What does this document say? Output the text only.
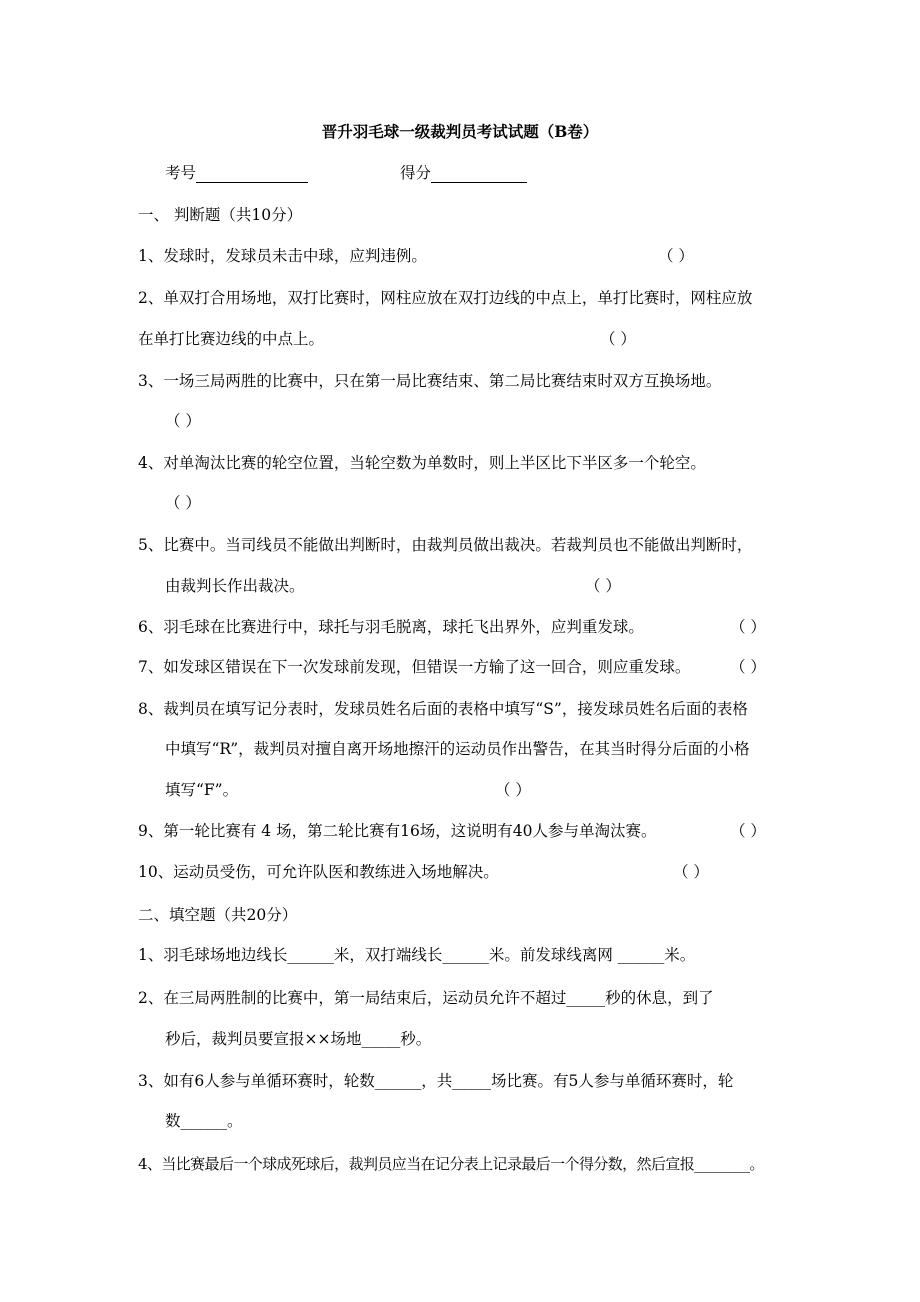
晋升羽毛球一级裁判员考试试题（B卷）
考号	得分
一、 判断题（共10分）
1、发球时，发球员未击中球，应判违例。	（ ）
2、单双打合用场地，双打比赛时，网柱应放在双打边线的中点上，单打比赛时，网柱应放
在单打比赛边线的中点上。	（ ）
3、一场三局两胜的比赛中，只在第一局比赛结束、第二局比赛结束时双方互换场地。
（ ）
4、对单淘汰比赛的轮空位置，当轮空数为单数时，则上半区比下半区多一个轮空。
（ ）
5、比赛中。当司线员不能做出判断时，由裁判员做出裁决。若裁判员也不能做出判断时，
由裁判长作出裁决。	（ ）
6、羽毛球在比赛进行中，球托与羽毛脱离，球托飞出界外，应判重发球。	（ ）
7、如发球区错误在下一次发球前发现，但错误一方输了这一回合，则应重发球。	（ ）
8、裁判员在填写记分表时，发球员姓名后面的表格中填写“S”，接发球员姓名后面的表格
中填写“R”，裁判员对擅自离开场地擦汗的运动员作出警告，在其当时得分后面的小格
填写“F”。	（ ）
9、第一轮比赛有 4 场，第二轮比赛有16场，这说明有40人参与单淘汰赛。	（ ）
10、运动员受伤，可允许队医和教练进入场地解决。	（ ）
二、填空题（共20分）
1、羽毛球场地边线长______米，双打端线长______米。前发球线离网 ______米。
2、在三局两胜制的比赛中，第一局结束后，运动员允许不超过_____秒的休息，到了
秒后，裁判员要宣报××场地_____秒。
3、如有6人参与单循环赛时，轮数______，共_____场比赛。有5人参与单循环赛时，轮
数______。
4、当比赛最后一个球成死球后，裁判员应当在记分表上记录最后一个得分数，然后宣报________。
